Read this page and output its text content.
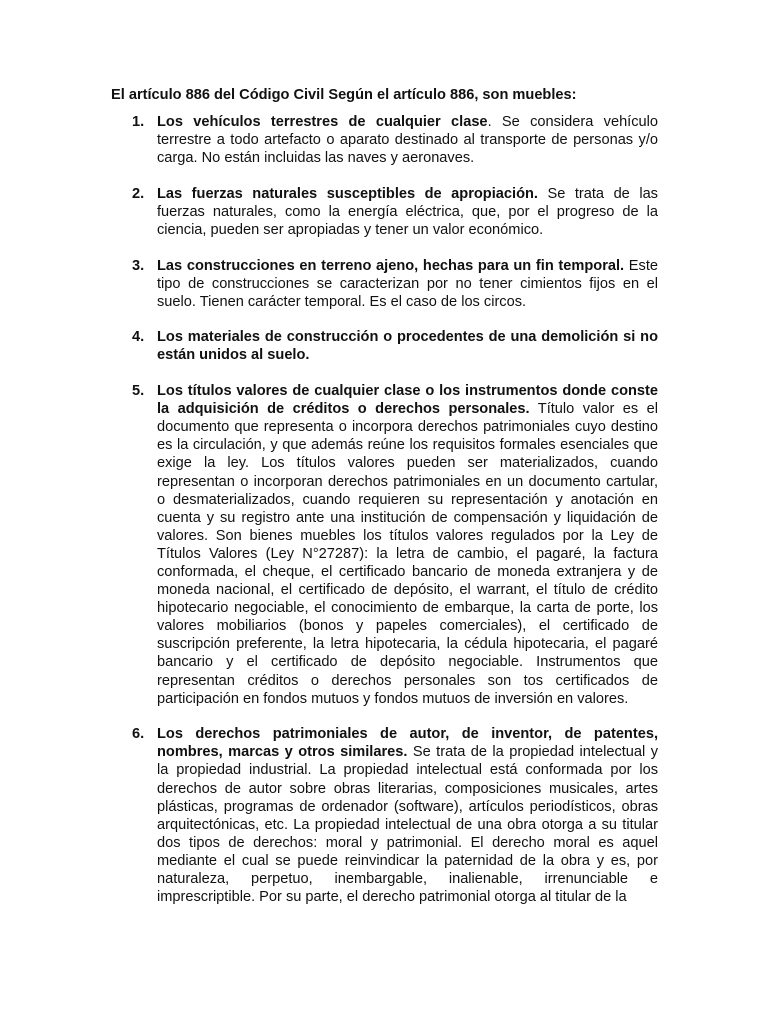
El artículo 886 del Código Civil Según el artículo 886, son muebles:

1. Los vehículos terrestres de cualquier clase. Se considera vehículo terrestre a todo artefacto o aparato destinado al transporte de personas y/o carga. No están incluidas las naves y aeronaves.
2. Las fuerzas naturales susceptibles de apropiación. Se trata de las fuerzas naturales, como la energía eléctrica, que, por el progreso de la ciencia, pueden ser apropiadas y tener un valor económico.
3. Las construcciones en terreno ajeno, hechas para un fin temporal. Este tipo de construcciones se caracterizan por no tener cimientos fijos en el suelo. Tienen carácter temporal. Es el caso de los circos.
4. Los materiales de construcción o procedentes de una demolición si no están unidos al suelo.
5. Los títulos valores de cualquier clase o los instrumentos donde conste la adquisición de créditos o derechos personales. Título valor es el documento que representa o incorpora derechos patrimoniales cuyo destino es la circulación, y que además reúne los requisitos formales esenciales que exige la ley. Los títulos valores pueden ser materializados, cuando representan o incorporan derechos patrimoniales en un documento cartular, o desmaterializados, cuando requieren su representación y anotación en cuenta y su registro ante una institución de compensación y liquidación de valores. Son bienes muebles los títulos valores regulados por la Ley de Títulos Valores (Ley N°27287): la letra de cambio, el pagaré, la factura conformada, el cheque, el certificado bancario de moneda extranjera y de moneda nacional, el certificado de depósito, el warrant, el título de crédito hipotecario negociable, el conocimiento de embarque, la carta de porte, los valores mobiliarios (bonos y papeles comerciales), el certificado de suscripción preferente, la letra hipotecaria, la cédula hipotecaria, el pagaré bancario y el certificado de depósito negociable. Instrumentos que representan créditos o derechos personales son tos certificados de participación en fondos mutuos y fondos mutuos de inversión en valores.
6. Los derechos patrimoniales de autor, de inventor, de patentes, nombres, marcas y otros similares. Se trata de la propiedad intelectual y la propiedad industrial. La propiedad intelectual está conformada por los derechos de autor sobre obras literarias, composiciones musicales, artes plásticas, programas de ordenador (software), artículos periodísticos, obras arquitectónicas, etc. La propiedad intelectual de una obra otorga a su titular dos tipos de derechos: moral y patrimonial. El derecho moral es aquel mediante el cual se puede reinvindicar la paternidad de la obra y es, por naturaleza, perpetuo, inembargable, inalienable, irrenunciable e imprescriptible. Por su parte, el derecho patrimonial otorga al titular de la
